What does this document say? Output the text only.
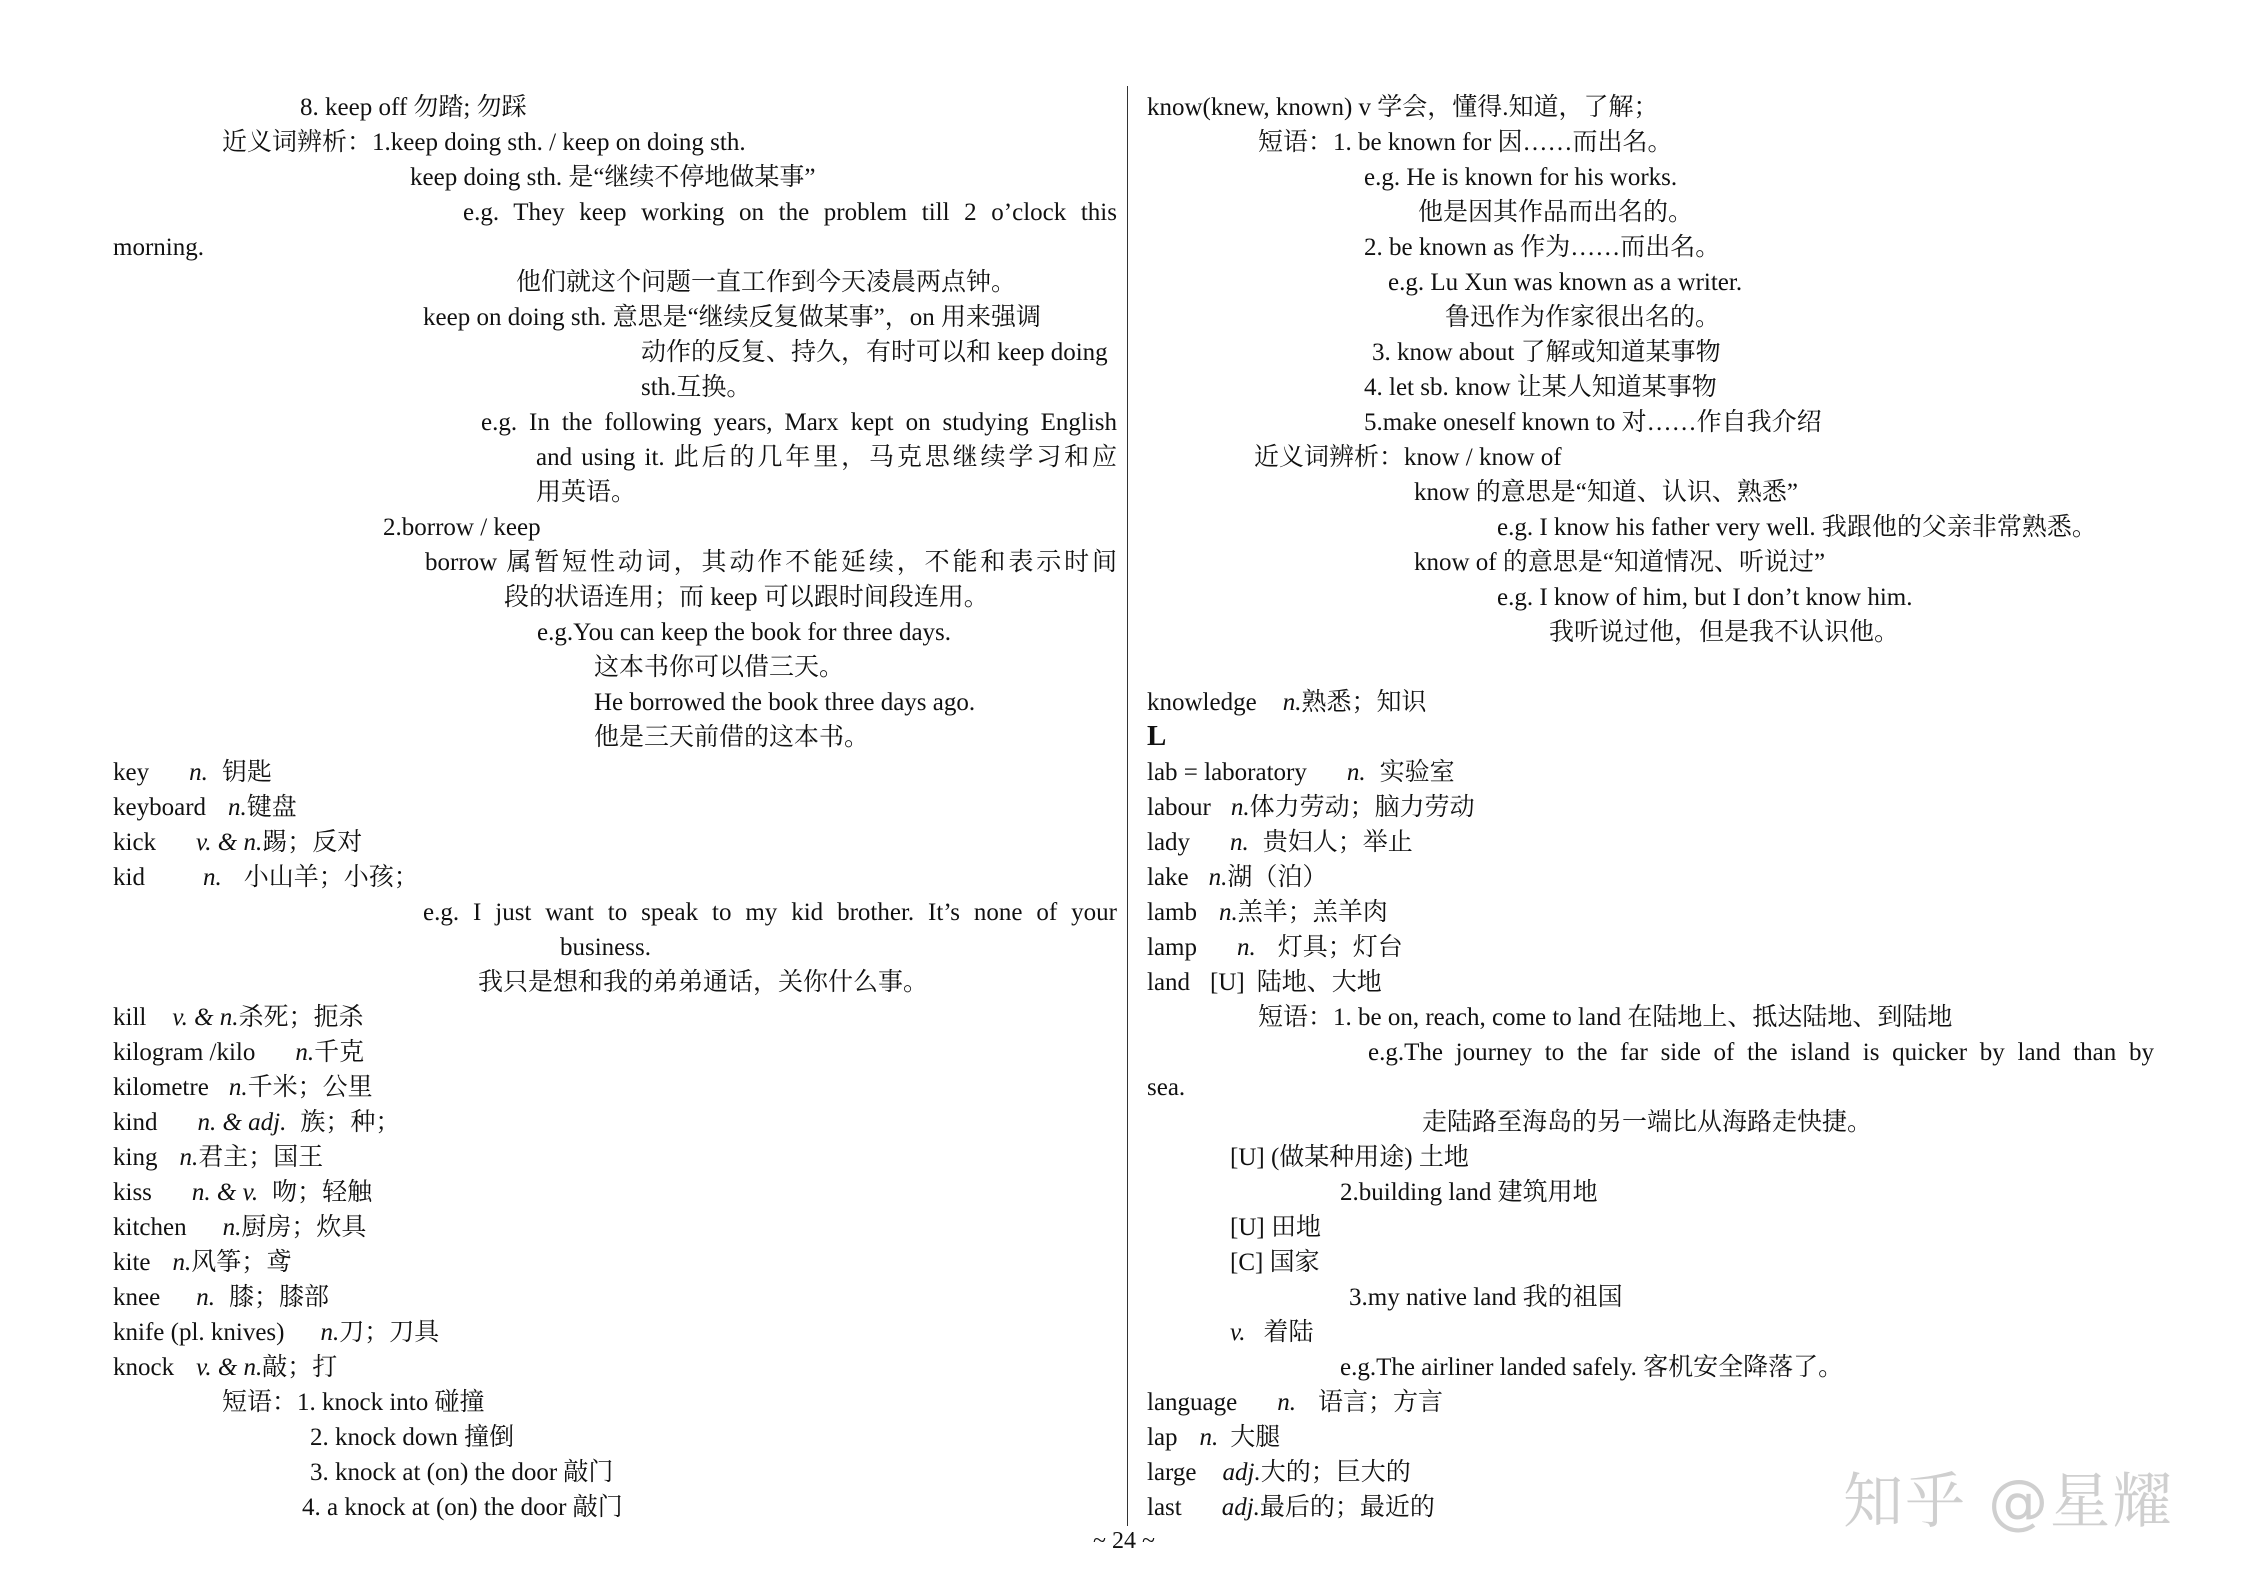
8. keep off 勿踏; 勿踩
近义词辨析：1.keep doing sth. / keep on doing sth.
keep doing sth. 是“继续不停地做某事”
e.g. They keep working on the problem till 2 o’clock this
morning.
他们就这个问题一直工作到今天凌晨两点钟。
keep on doing sth. 意思是“继续反复做某事”，on 用来强调
动作的反复、持久，有时可以和 keep doing
sth.互换。
e.g. In the following years, Marx kept on studying English
and using it. 此后的几年里，马克思继续学习和应
用英语。
2.borrow / keep
borrow 属暂短性动词，其动作不能延续，不能和表示时间
段的状语连用；而 keep 可以跟时间段连用。
e.g.You can keep the book for three days.
这本书你可以借三天。
He borrowed the book three days ago.
他是三天前借的这本书。
key n. 钥匙
keyboard n.键盘
kick v. & n.踢；反对
kid n. 小山羊；小孩；
e.g. I just want to speak to my kid brother. It’s none of your
business.
我只是想和我的弟弟通话，关你什么事。
kill v. & n.杀死；扼杀
kilogram /kilo n.千克
kilometre n.千米；公里
kind n. & adj. 族；种；
king n.君主；国王
kiss n. & v. 吻；轻触
kitchen n.厨房；炊具
kite n.风筝；鸢
knee n. 膝；膝部
knife (pl. knives) n.刀；刀具
knock v. & n.敲；打
短语：1. knock into 碰撞
2. knock down 撞倒
3. knock at (on) the door 敲门
4. a knock at (on) the door 敲门
know(knew, known) v 学会，懂得.知道，了解；
短语：1. be known for 因……而出名。
e.g. He is known for his works.
他是因其作品而出名的。
2. be known as 作为……而出名。
e.g. Lu Xun was known as a writer.
鲁迅作为作家很出名的。
3. know about 了解或知道某事物
4. let sb. know 让某人知道某事物
5.make oneself known to 对……作自我介绍
近义词辨析：know / know of
know 的意思是“知道、认识、熟悉”
e.g. I know his father very well. 我跟他的父亲非常熟悉。
know of 的意思是“知道情况、听说过”
e.g. I know of him, but I don’t know him.
我听说过他，但是我不认识他。
knowledge n.熟悉；知识
L
lab = laboratory n. 实验室
labour n.体力劳动；脑力劳动
lady n. 贵妇人；举止
lake n.湖（泊）
lamb n.羔羊；羔羊肉
lamp n. 灯具；灯台
land [U] 陆地、大地
短语：1. be on, reach, come to land 在陆地上、抵达陆地、到陆地
e.g.The journey to the far side of the island is quicker by land than by
sea.
走陆路至海岛的另一端比从海路走快捷。
[U] (做某种用途) 土地
2.building land 建筑用地
[U] 田地
[C] 国家
3.my native land 我的祖国
v. 着陆
e.g.The airliner landed safely. 客机安全降落了。
language n. 语言；方言
lap n. 大腿
large adj.大的；巨大的
last adj.最后的；最近的
~ 24 ~
知乎 @星耀
